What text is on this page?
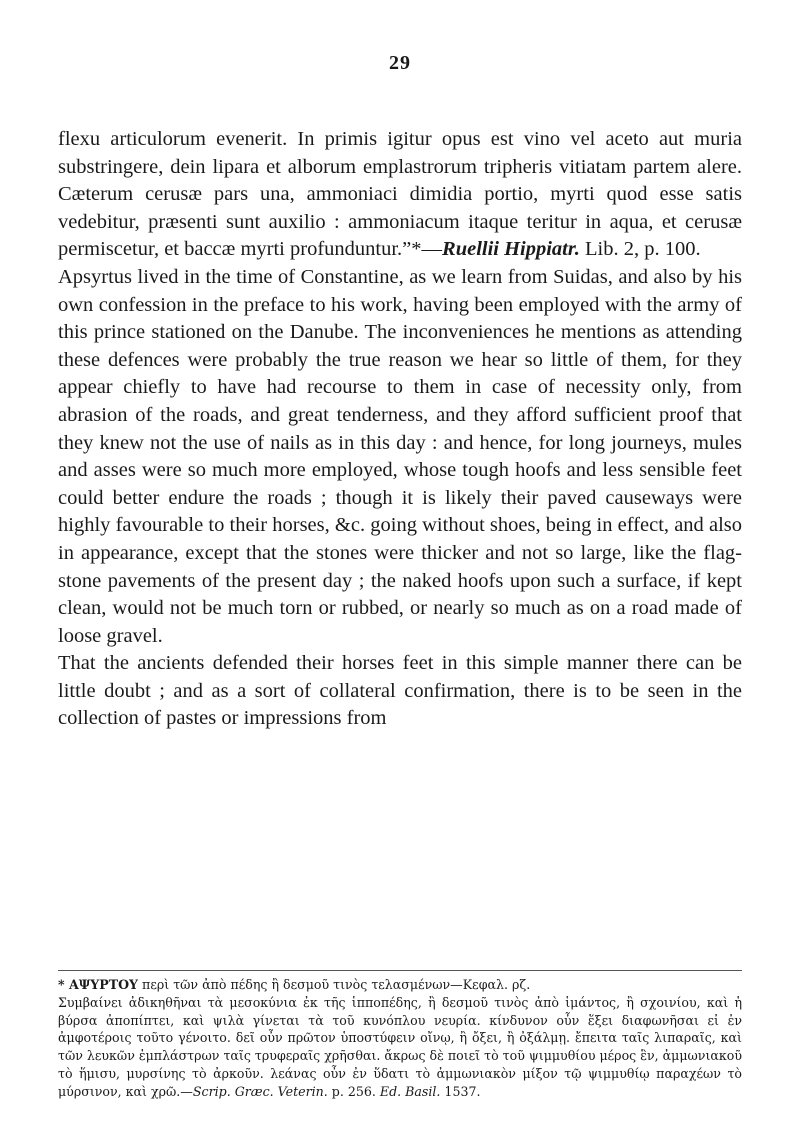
29

flexu articulorum evenerit. In primis igitur opus est vino vel aceto aut muria substringere, dein lipara et alborum emplastrorum tripheris vitiatam partem alere. Cæterum cerusæ pars una, ammoniaci dimidia portio, myrti quod esse satis vedebitur, præsenti sunt auxilio : ammoniacum itaque teritur in aqua, et cerusæ permiscetur, et baccæ myrti profunduntur.”*—Ruellii Hippiatr. Lib. 2, p. 100.

Apsyrtus lived in the time of Constantine, as we learn from Suidas, and also by his own confession in the preface to his work, having been employed with the army of this prince stationed on the Danube. The inconveniences he mentions as attending these defences were probably the true reason we hear so little of them, for they appear chiefly to have had recourse to them in case of necessity only, from abrasion of the roads, and great tenderness, and they afford sufficient proof that they knew not the use of nails as in this day : and hence, for long journeys, mules and asses were so much more employed, whose tough hoofs and less sensible feet could better endure the roads ; though it is likely their paved causeways were highly favourable to their horses, &c. going without shoes, being in effect, and also in appearance, except that the stones were thicker and not so large, like the flag-stone pavements of the present day ; the naked hoofs upon such a surface, if kept clean, would not be much torn or rubbed, or nearly so much as on a road made of loose gravel.

That the ancients defended their horses feet in this simple manner there can be little doubt ; and as a sort of collateral confirmation, there is to be seen in the collection of pastes or impressions from

* ΑΨΥΡΤΟΥ περὶ τῶν ἀπὸ πέδης ἢ δεσμοῦ τινὸς τελασμένων—Κεφαλ. ρζ.
Συμβαίνει ἀδικηθῆναι τὰ μεσοκύνια ἐκ τῆς ἱπποπέδης, ἢ δεσμοῦ τινὸς ἀπὸ ἱμάντος, ἢ σχοινίου, καὶ ἡ βύρσα ἀποπίπτει, καὶ ψιλὰ γίνεται τὰ τοῦ κυνόπλου νευρία. κίνδυνον οὖν ἕξει διαφωνῆσαι εἰ ἐν ἀμφοτέροις τοῦτο γένοιτο. δεῖ οὖν πρῶτον ὑποστύφειν οἴνῳ, ἢ ὄξει, ἢ ὀξάλμῃ. ἔπειτα ταῖς λιπαραῖς, καὶ τῶν λευκῶν ἐμπλάστρων ταῖς τρυφεραῖς χρῆσθαι. ἄκρως δὲ ποιεῖ τὸ τοῦ ψιμμυθίου μέρος ἓν, ἀμμωνιακοῦ τὸ ἥμισυ, μυρσίνης τὸ ἀρκοῦν. λεάνας οὖν ἐν ὕδατι τὸ ἀμμωνιακὸν μίξον τῷ ψιμμυθίῳ παραχέων τὸ μύρσινον, καὶ χρῶ.—Scrip. Græc. Veterin. p. 256. Ed. Basil. 1537.
